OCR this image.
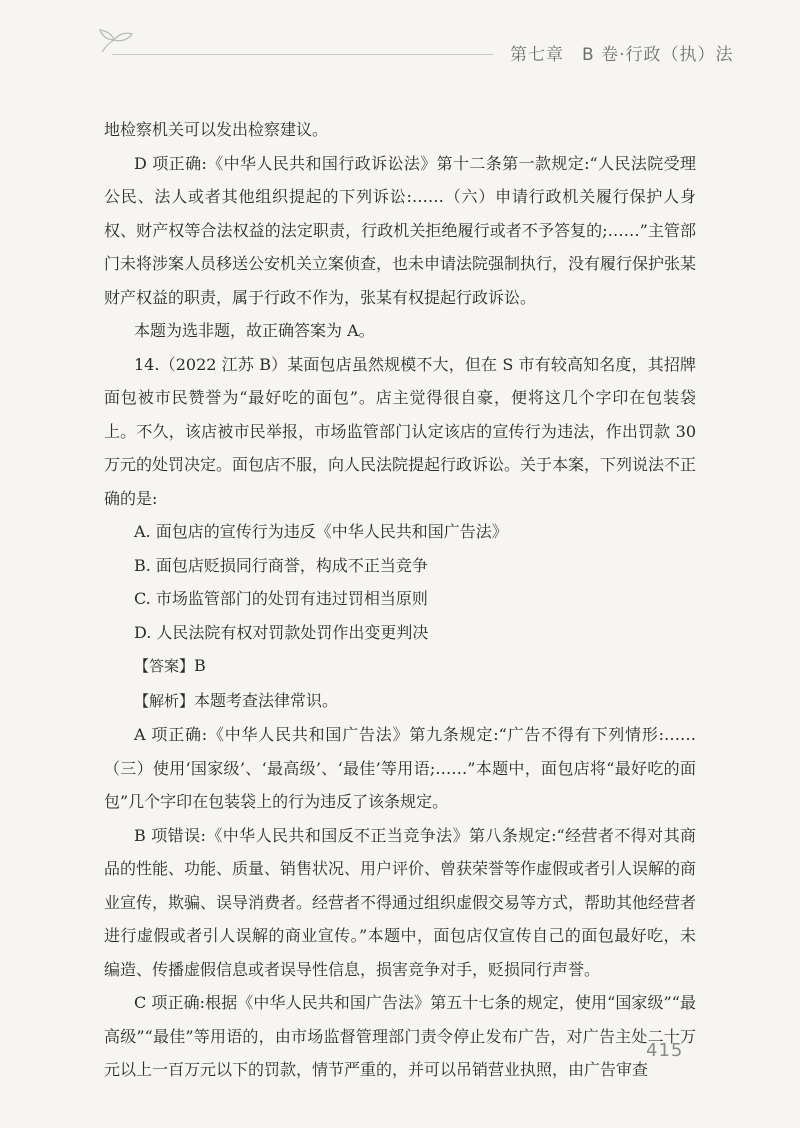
第七章　B 卷·行政（执）法

地检察机关可以发出检察建议。

D 项正确:《中华人民共和国行政诉讼法》第十二条第一款规定:“人民法院受理公民、法人或者其他组织提起的下列诉讼:……（六）申请行政机关履行保护人身权、财产权等合法权益的法定职责，行政机关拒绝履行或者不予答复的;……”主管部门未将涉案人员移送公安机关立案侦查，也未申请法院强制执行，没有履行保护张某财产权益的职责，属于行政不作为，张某有权提起行政诉讼。

本题为选非题，故正确答案为 A。

14.（2022 江苏 B）某面包店虽然规模不大，但在 S 市有较高知名度，其招牌面包被市民赞誉为“最好吃的面包”。店主觉得很自豪，便将这几个字印在包装袋上。不久，该店被市民举报，市场监管部门认定该店的宣传行为违法，作出罚款 30 万元的处罚决定。面包店不服，向人民法院提起行政诉讼。关于本案，下列说法不正确的是:

A. 面包店的宣传行为违反《中华人民共和国广告法》

B. 面包店贬损同行商誉，构成不正当竞争

C. 市场监管部门的处罚有违过罚相当原则

D. 人民法院有权对罚款处罚作出变更判决

【答案】B

【解析】本题考查法律常识。

A 项正确:《中华人民共和国广告法》第九条规定:“广告不得有下列情形:……（三）使用‘国家级’、‘最高级’、‘最佳’等用语;……”本题中，面包店将“最好吃的面包”几个字印在包装袋上的行为违反了该条规定。

B 项错误:《中华人民共和国反不正当竞争法》第八条规定:“经营者不得对其商品的性能、功能、质量、销售状况、用户评价、曾获荣誉等作虚假或者引人误解的商业宣传，欺骗、误导消费者。经营者不得通过组织虚假交易等方式，帮助其他经营者进行虚假或者引人误解的商业宣传。”本题中，面包店仅宣传自己的面包最好吃，未编造、传播虚假信息或者误导性信息，损害竞争对手，贬损同行声誉。

C 项正确:根据《中华人民共和国广告法》第五十七条的规定，使用“国家级”“最高级”“最佳”等用语的，由市场监督管理部门责令停止发布广告，对广告主处二十万元以上一百万元以下的罚款，情节严重的，并可以吊销营业执照，由广告审查

415
